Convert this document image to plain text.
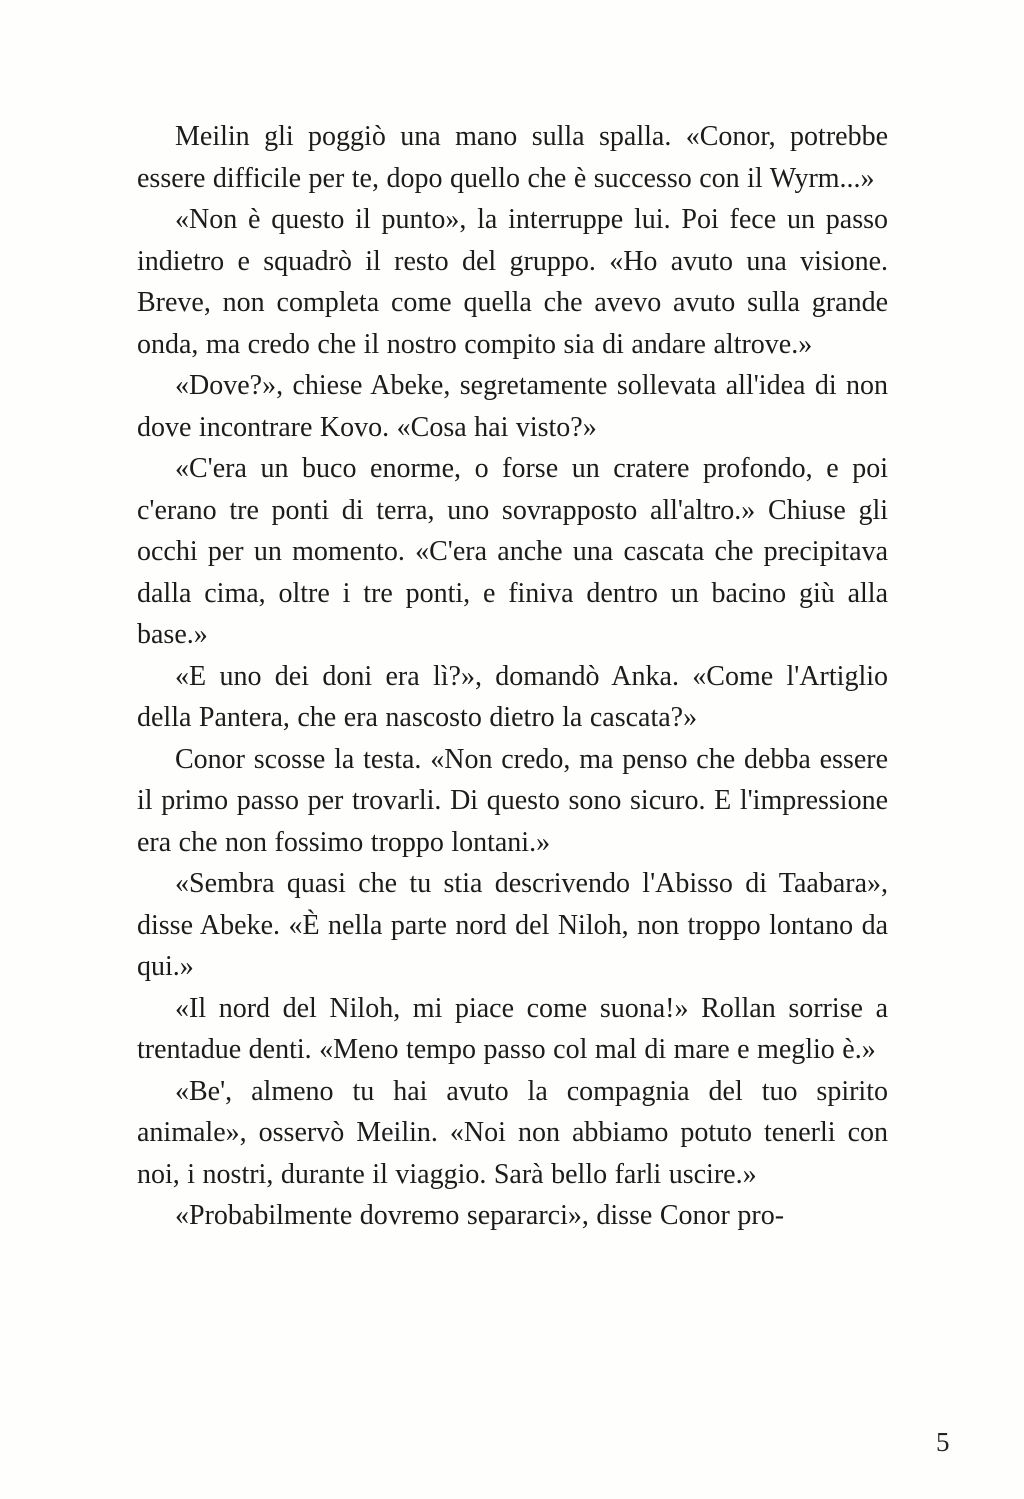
Meilin gli poggiò una mano sulla spalla. «Conor, potrebbe essere difficile per te, dopo quello che è successo con il Wyrm...»

«Non è questo il punto», la interruppe lui. Poi fece un passo indietro e squadrò il resto del gruppo. «Ho avuto una visione. Breve, non completa come quella che avevo avuto sulla grande onda, ma credo che il nostro compito sia di andare altrove.»

«Dove?», chiese Abeke, segretamente sollevata all'idea di non dove incontrare Kovo. «Cosa hai visto?»

«C'era un buco enorme, o forse un cratere profondo, e poi c'erano tre ponti di terra, uno sovrapposto all'altro.» Chiuse gli occhi per un momento. «C'era anche una cascata che precipitava dalla cima, oltre i tre ponti, e finiva dentro un bacino giù alla base.»

«E uno dei doni era lì?», domandò Anka. «Come l'Artiglio della Pantera, che era nascosto dietro la cascata?»

Conor scosse la testa. «Non credo, ma penso che debba essere il primo passo per trovarli. Di questo sono sicuro. E l'impressione era che non fossimo troppo lontani.»

«Sembra quasi che tu stia descrivendo l'Abisso di Taabara», disse Abeke. «È nella parte nord del Niloh, non troppo lontano da qui.»

«Il nord del Niloh, mi piace come suona!» Rollan sorrise a trentadue denti. «Meno tempo passo col mal di mare e meglio è.»

«Be', almeno tu hai avuto la compagnia del tuo spirito animale», osservò Meilin. «Noi non abbiamo potuto tenerli con noi, i nostri, durante il viaggio. Sarà bello farli uscire.»

«Probabilmente dovremo separarci», disse Conor pro-

5
